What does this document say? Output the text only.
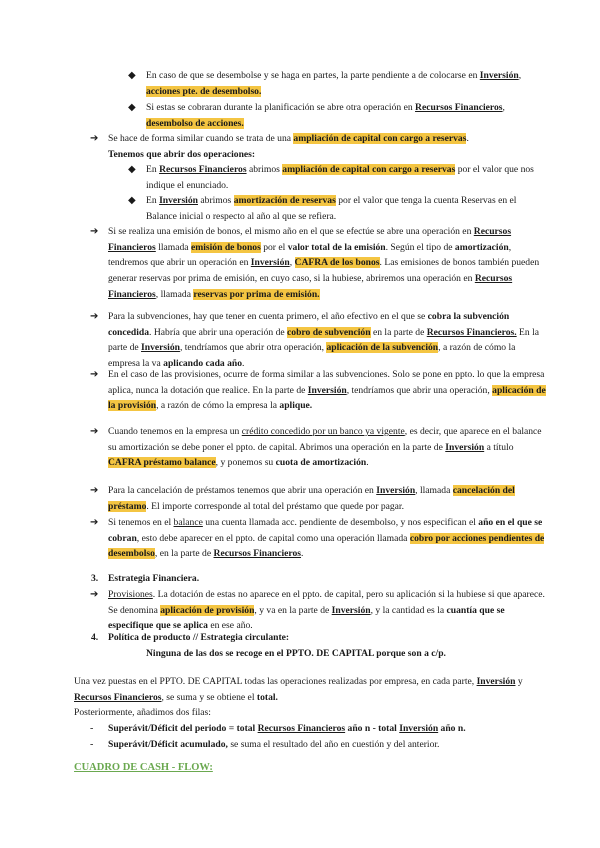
◆ En caso de que se desembolse y se haga en partes, la parte pendiente a de colocarse en Inversión, acciones pte. de desembolso.
◆ Si estas se cobraran durante la planificación se abre otra operación en Recursos Financieros, desembolso de acciones.
➔ Se hace de forma similar cuando se trata de una ampliación de capital con cargo a reservas.
Tenemos que abrir dos operaciones:
◆ En Recursos Financieros abrimos ampliación de capital con cargo a reservas por el valor que nos indique el enunciado.
◆ En Inversión abrimos amortización de reservas por el valor que tenga la cuenta Reservas en el Balance inicial o respecto al año al que se refiera.
➔ Si se realiza una emisión de bonos, el mismo año en el que se efectúe se abre una operación en Recursos Financieros llamada emisión de bonos por el valor total de la emisión. Según el tipo de amortización, tendremos que abrir un operación en Inversión, CAFRA de los bonos. Las emisiones de bonos también pueden generar reservas por prima de emisión, en cuyo caso, si la hubiese, abriremos una operación en Recursos Financieros, llamada reservas por prima de emisión.
➔ Para la subvenciones, hay que tener en cuenta primero, el año efectivo en el que se cobra la subvención concedida. Habría que abrir una operación de cobro de subvención en la parte de Recursos Financieros. En la parte de Inversión, tendríamos que abrir otra operación, aplicación de la subvención, a razón de cómo la empresa la va aplicando cada año.
➔ En el caso de las provisiones, ocurre de forma similar a las subvenciones. Solo se pone en ppto. lo que la empresa aplica, nunca la dotación que realice. En la parte de Inversión, tendríamos que abrir una operación, aplicación de la provisión, a razón de cómo la empresa la aplique.
➔ Cuando tenemos en la empresa un crédito concedido por un banco ya vigente, es decir, que aparece en el balance su amortización se debe poner el ppto. de capital. Abrimos una operación en la parte de Inversión a título CAFRA préstamo balance, y ponemos su cuota de amortización.
➔ Para la cancelación de préstamos tenemos que abrir una operación en Inversión, llamada cancelación del préstamo. El importe corresponde al total del préstamo que quede por pagar.
➔ Si tenemos en el balance una cuenta llamada acc. pendiente de desembolso, y nos especifican el año en el que se cobran, esto debe aparecer en el ppto. de capital como una operación llamada cobro por acciones pendientes de desembolso, en la parte de Recursos Financieros.
3. Estrategia Financiera.
➔ Provisiones. La dotación de estas no aparece en el ppto. de capital, pero su aplicación si la hubiese si que aparece. Se denomina aplicación de provisión, y va en la parte de Inversión, y la cantidad es la cuantía que se especifique que se aplica en ese año.
4. Política de producto // Estrategia circulante:
Ninguna de las dos se recoge en el PPTO. DE CAPITAL porque son a c/p.
Una vez puestas en el PPTO. DE CAPITAL todas las operaciones realizadas por empresa, en cada parte, Inversión y Recursos Financieros, se suma y se obtiene el total.
Posteriormente, añadimos dos filas:
- Superávit/Déficit del periodo = total Recursos Financieros año n - total Inversión año n.
- Superávit/Déficit acumulado, se suma el resultado del año en cuestión y del anterior.
CUADRO DE CASH - FLOW:
